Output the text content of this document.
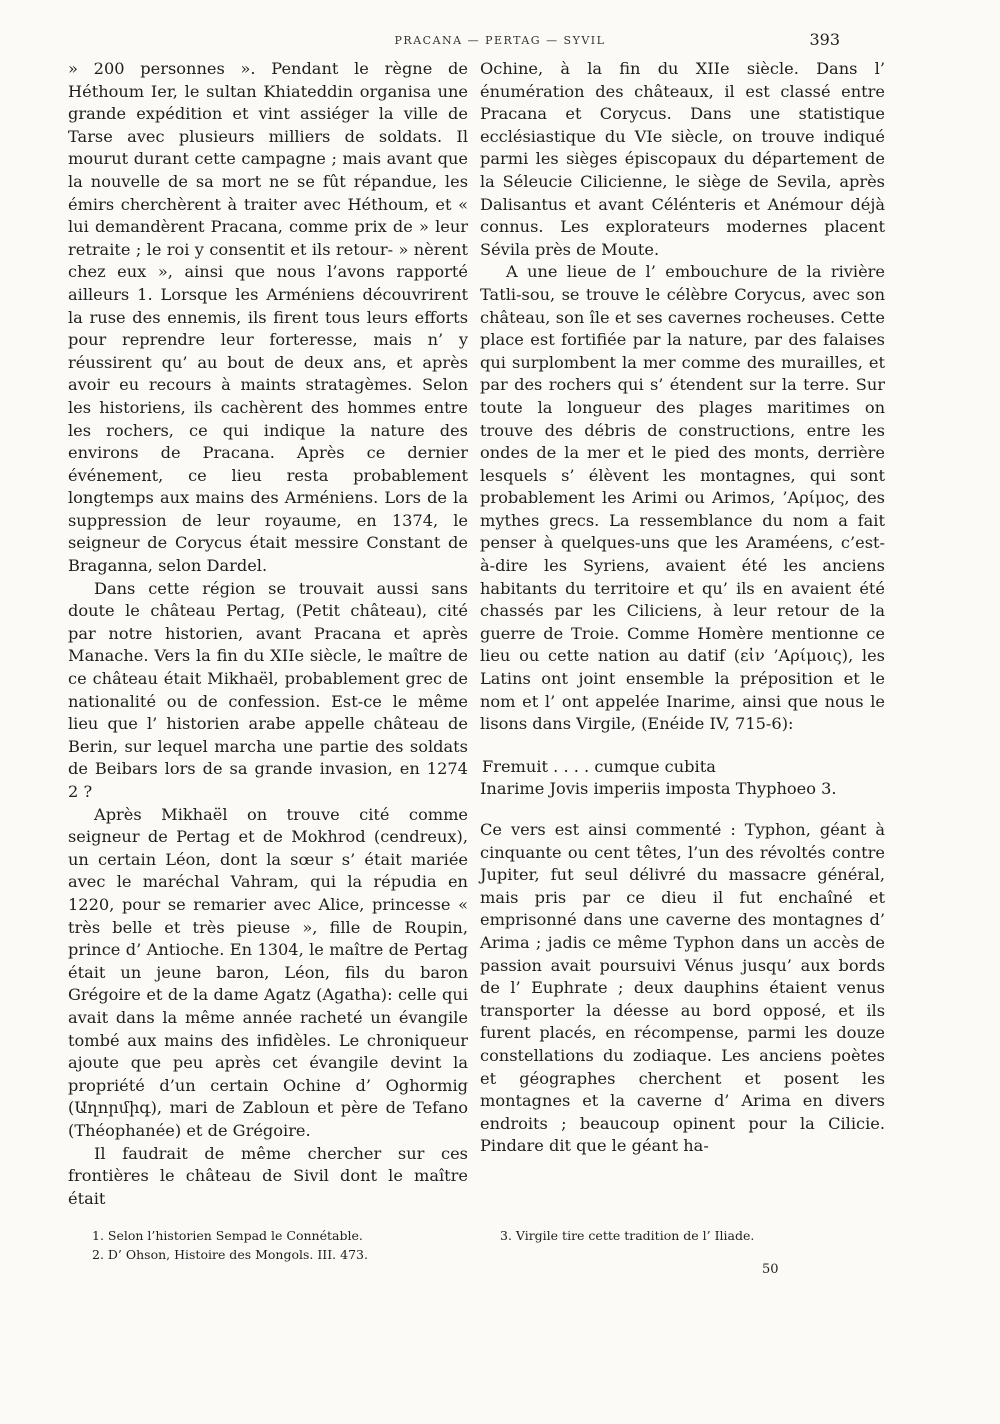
PRACANA — PERTAG — SYVIL	393

» 200 personnes ». Pendant le règne de Héthoum Ier, le sultan Khiateddin organisa une grande expédition et vint assiéger la ville de Tarse avec plusieurs milliers de soldats. Il mourut durant cette campagne ; mais avant que la nouvelle de sa mort ne se fût répandue, les émirs cherchèrent à traiter avec Héthoum, et « lui demandèrent Pracana, comme prix de » leur retraite ; le roi y consentit et ils retour- » nèrent chez eux », ainsi que nous l’avons rapporté ailleurs 1. Lorsque les Arméniens découvrirent la ruse des ennemis, ils firent tous leurs efforts pour reprendre leur forteresse, mais n’ y réussirent qu’ au bout de deux ans, et après avoir eu recours à maints stratagèmes. Selon les historiens, ils cachèrent des hommes entre les rochers, ce qui indique la nature des environs de Pracana. Après ce dernier événement, ce lieu resta probablement longtemps aux mains des Arméniens. Lors de la suppression de leur royaume, en 1374, le seigneur de Corycus était messire Constant de Braganna, selon Dardel.

Dans cette région se trouvait aussi sans doute le château Pertag, (Petit château), cité par notre historien, avant Pracana et après Manache. Vers la fin du XIIe siècle, le maître de ce château était Mikhaël, probablement grec de nationalité ou de confession. Est-ce le même lieu que l’ historien arabe appelle château de Berin, sur lequel marcha une partie des soldats de Beibars lors de sa grande invasion, en 1274 2 ?

Après Mikhaël on trouve cité comme seigneur de Pertag et de Mokhrod (cendreux), un certain Léon, dont la sœur s’ était mariée avec le maréchal Vahram, qui la répudia en 1220, pour se remarier avec Alice, princesse « très belle et très pieuse », fille de Roupin, prince d’ Antioche. En 1304, le maître de Pertag était un jeune baron, Léon, fils du baron Grégoire et de la dame Agatz (Agatha): celle qui avait dans la même année racheté un évangile tombé aux mains des infidèles. Le chroniqueur ajoute que peu après cet évangile devint la propriété d’un certain Ochine d’ Oghormig (Աղորմիգ), mari de Zabloun et père de Tefano (Théophanée) et de Grégoire.

Il faudrait de même chercher sur ces frontières le château de Sivil dont le maître était

Ochine, à la fin du XIIe siècle. Dans l’ énumération des châteaux, il est classé entre Pracana et Corycus. Dans une statistique ecclésiastique du VIe siècle, on trouve indiqué parmi les sièges épiscopaux du département de la Séleucie Cilicienne, le siège de Sevila, après Dalisantus et avant Célénteris et Anémour déjà connus. Les explorateurs modernes placent Sévila près de Moute.

A une lieue de l’ embouchure de la rivière Tatli-sou, se trouve le célèbre Corycus, avec son château, son île et ses cavernes rocheuses. Cette place est fortifiée par la nature, par des falaises qui surplombent la mer comme des murailles, et par des rochers qui s’ étendent sur la terre. Sur toute la longueur des plages maritimes on trouve des débris de constructions, entre les ondes de la mer et le pied des monts, derrière lesquels s’ élèvent les montagnes, qui sont probablement les Arimi ou Arimos, ’Αρίμος, des mythes grecs. La ressemblance du nom a fait penser à quelques-uns que les Araméens, c’est-à-dire les Syriens, avaient été les anciens habitants du territoire et qu’ ils en avaient été chassés par les Ciliciens, à leur retour de la guerre de Troie. Comme Homère mentionne ce lieu ou cette nation au datif (εἰν ’Αρίμοις), les Latins ont joint ensemble la préposition et le nom et l’ ont appelée Inarime, ainsi que nous le lisons dans Virgile, (Enéide IV, 715-6):

Fremuit . . . . cumque cubita
Inarime Jovis imperiis imposta Thyphoeo 3.

Ce vers est ainsi commenté : Typhon, géant à cinquante ou cent têtes, l’un des révoltés contre Jupiter, fut seul délivré du massacre général, mais pris par ce dieu il fut enchaîné et emprisonné dans une caverne des montagnes d’ Arima ; jadis ce même Typhon dans un accès de passion avait poursuivi Vénus jusqu’ aux bords de l’ Euphrate ; deux dauphins étaient venus transporter la déesse au bord opposé, et ils furent placés, en récompense, parmi les douze constellations du zodiaque. Les anciens poètes et géographes cherchent et posent les montagnes et la caverne d’ Arima en divers endroits ; beaucoup opinent pour la Cilicie. Pindare dit que le géant ha-

1. Selon l’historien Sempad le Connétable.
2. D’ Ohson, Histoire des Mongols. III. 473.
3. Virgile tire cette tradition de l’ Iliade.
50
